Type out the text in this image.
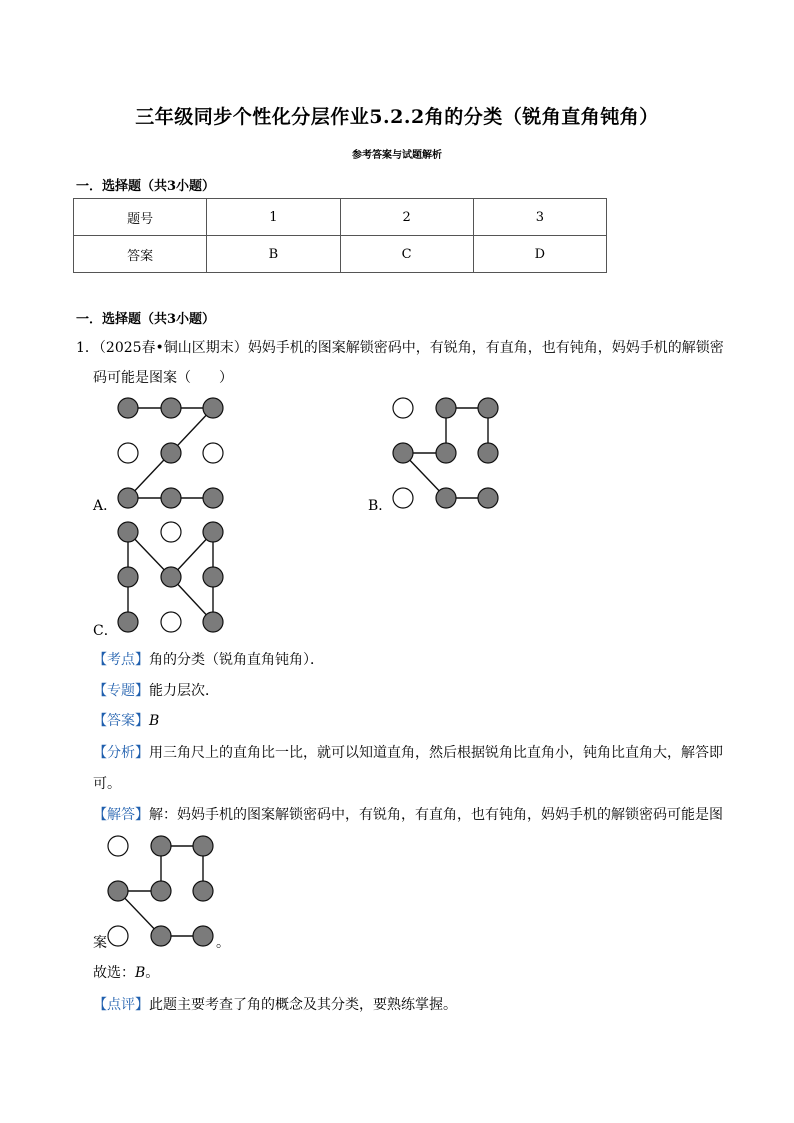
三年级同步个性化分层作业5.2.2角的分类（锐角直角钝角）
参考答案与试题解析
一．选择题（共3小题）
题号	1	2	3
答案	B	C	D
一．选择题（共3小题）
1．（2025春•铜山区期末）妈妈手机的图案解锁密码中，有锐角，有直角，也有钝角，妈妈手机的解锁密
码可能是图案（　　）
A．	B．
C．
【考点】角的分类（锐角直角钝角）．
【专题】能力层次．
【答案】B
【分析】用三角尺上的直角比一比，就可以知道直角，然后根据锐角比直角小，钝角比直角大，解答即
可。
【解答】解：妈妈手机的图案解锁密码中，有锐角，有直角，也有钝角，妈妈手机的解锁密码可能是图
案	。
故选：B。
【点评】此题主要考查了角的概念及其分类，要熟练掌握。
